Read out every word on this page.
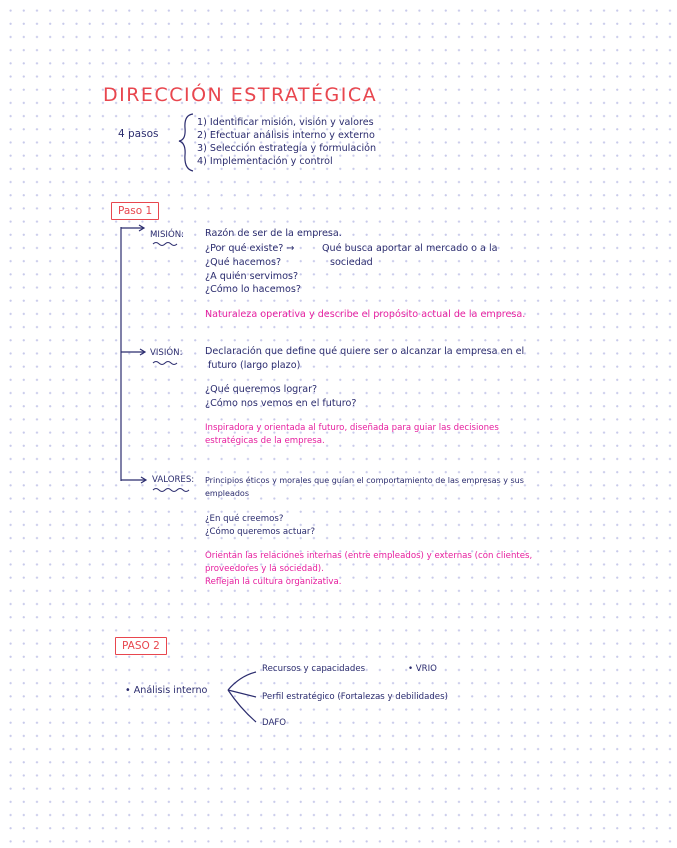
DIRECCIÓN ESTRATÉGICA
4 pasos
1) Identificar misión, visión y valores
2) Efectuar análisis interno y externo
3) Selección estrategia y formulación
4) Implementación y control
Paso 1
MISIÓN: Razón de ser de la empresa.
¿Por qué existe? →	Qué busca aportar al mercado o a la
sociedad
¿Qué hacemos?
¿A quién servimos?
¿Cómo lo hacemos?
Naturaleza operativa y describe el propósito actual de la empresa.
VISIÓN: Declaración que define qué quiere ser o alcanzar la empresa en el
futuro (largo plazo)
¿Qué queremos lograr?
¿Cómo nos vemos en el futuro?
Inspiradora y orientada al futuro, diseñada para guiar las decisiones
estratégicas de la empresa.
VALORES: Principios éticos y morales que guían el comportamiento de las empresas y sus
empleados
¿En qué creemos?
¿Cómo queremos actuar?
Orientan las relaciones internas (entre empleados) y externas (con clientes,
proveedores y la sociedad).
Reflejan la cultura organizativa.
PASO 2
• Análisis interno
Recursos y capacidades	• VRIO
Perfil estratégico (Fortalezas y debilidades)
DAFO
